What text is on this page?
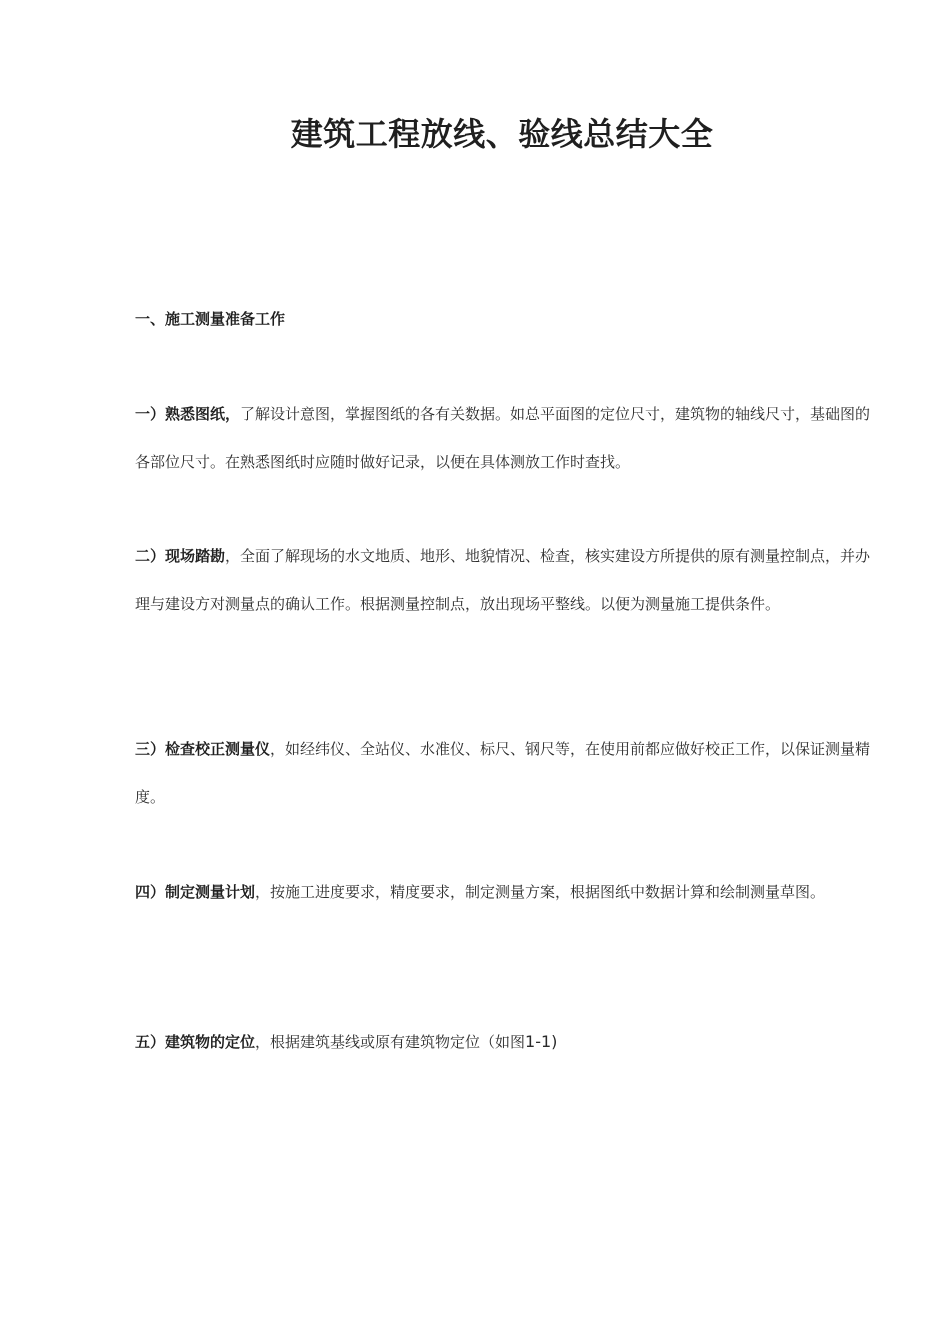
建筑工程放线、验线总结大全
一、施工测量准备工作

一）熟悉图纸，了解设计意图，掌握图纸的各有关数据。如总平面图的定位尺寸，建筑物的轴线尺寸，基础图的各部位尺寸。在熟悉图纸时应随时做好记录，以便在具体测放工作时查找。

二）现场踏勘，全面了解现场的水文地质、地形、地貌情况、检查，核实建设方所提供的原有测量控制点，并办理与建设方对测量点的确认工作。根据测量控制点，放出现场平整线。以便为测量施工提供条件。

三）检查校正测量仪，如经纬仪、全站仪、水准仪、标尺、钢尺等，在使用前都应做好校正工作，以保证测量精度。

四）制定测量计划，按施工进度要求，精度要求，制定测量方案，根据图纸中数据计算和绘制测量草图。

五）建筑物的定位，根据建筑基线或原有建筑物定位（如图1-1)
